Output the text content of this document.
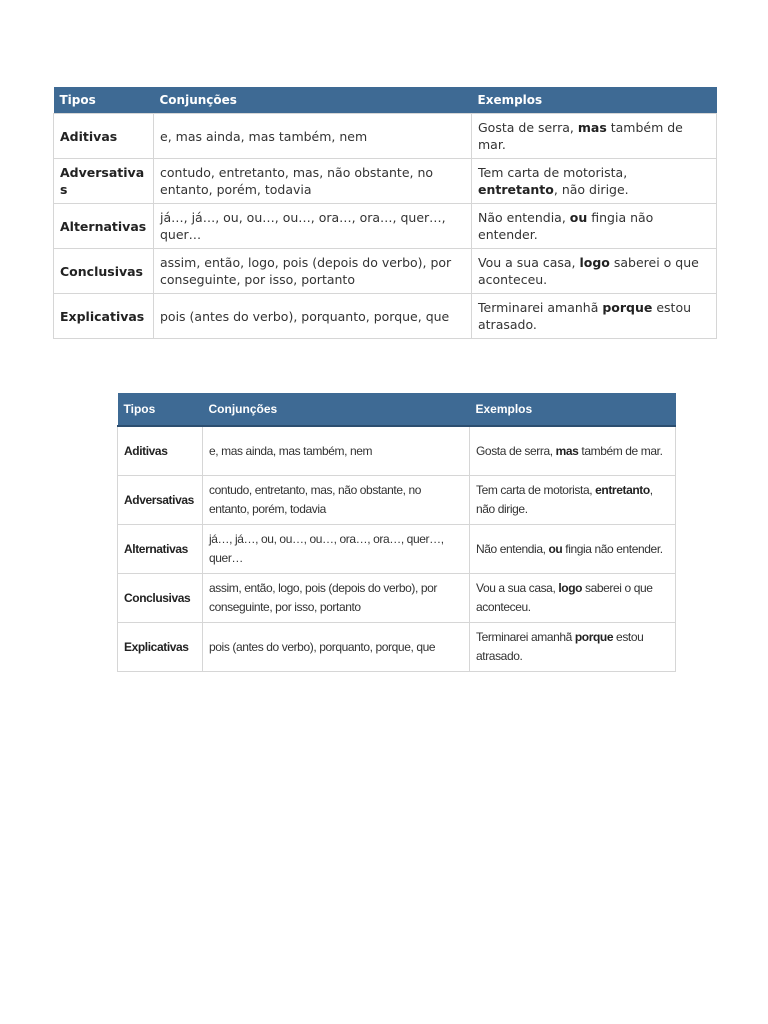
Tipos	Conjunções	Exemplos
Aditivas	e, mas ainda, mas também, nem	Gosta de serra, mas também de mar.
Adversativas	contudo, entretanto, mas, não obstante, no entanto, porém, todavia	Tem carta de motorista, entretanto, não dirige.
Alternativas	já…, já…, ou, ou…, ou…, ora…, ora…, quer…, quer…	Não entendia, ou fingia não entender.
Conclusivas	assim, então, logo, pois (depois do verbo), por conseguinte, por isso, portanto	Vou a sua casa, logo saberei o que aconteceu.
Explicativas	pois (antes do verbo), porquanto, porque, que	Terminarei amanhã porque estou atrasado.
Tipos	Conjunções	Exemplos
Aditivas	e, mas ainda, mas também, nem	Gosta de serra, mas também de mar.
Adversativas	contudo, entretanto, mas, não obstante, no entanto, porém, todavia	Tem carta de motorista, entretanto, não dirige.
Alternativas	já…, já…, ou, ou…, ou…, ora…, ora…, quer…, quer…	Não entendia, ou fingia não entender.
Conclusivas	assim, então, logo, pois (depois do verbo), por conseguinte, por isso, portanto	Vou a sua casa, logo saberei o que aconteceu.
Explicativas	pois (antes do verbo), porquanto, porque, que	Terminarei amanhã porque estou atrasado.
